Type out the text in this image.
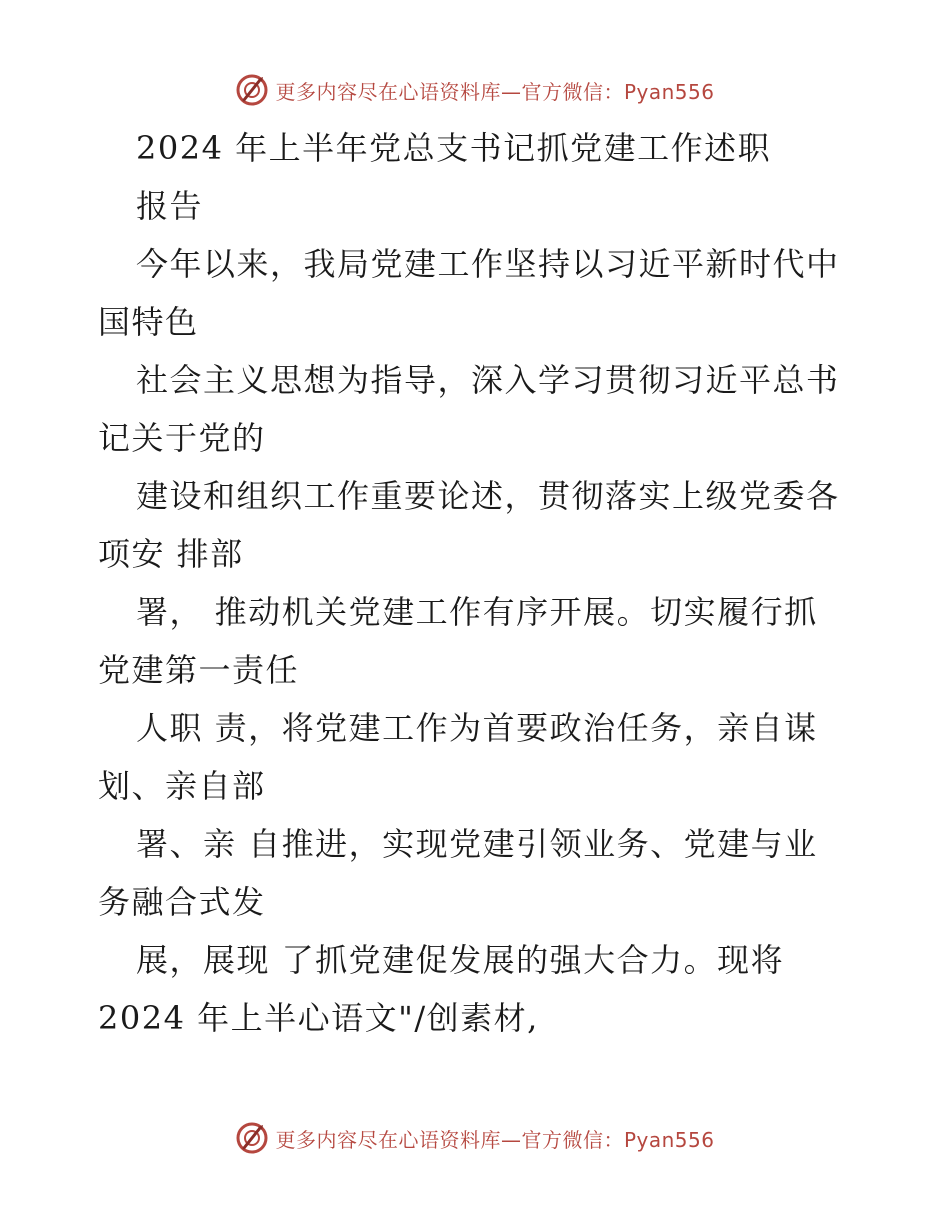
更多内容尽在心语资料库—官方微信：Pyan556
2024 年上半年党总支书记抓党建工作述职
报告
今年以来，我局党建工作坚持以习近平新时代中
国特色
社会主义思想为指导，深入学习贯彻习近平总书
记关于党的
建设和组织工作重要论述，贯彻落实上级党委各
项安 排部
署， 推动机关党建工作有序开展。切实履行抓
党建第一责任
人职 责，将党建工作为首要政治任务，亲自谋
划、亲自部
署、亲 自推进，实现党建引领业务、党建与业
务融合式发
展，展现 了抓党建促发展的强大合力。现将
2024 年上半心语文"/创素材,
更多内容尽在心语资料库—官方微信：Pyan556
